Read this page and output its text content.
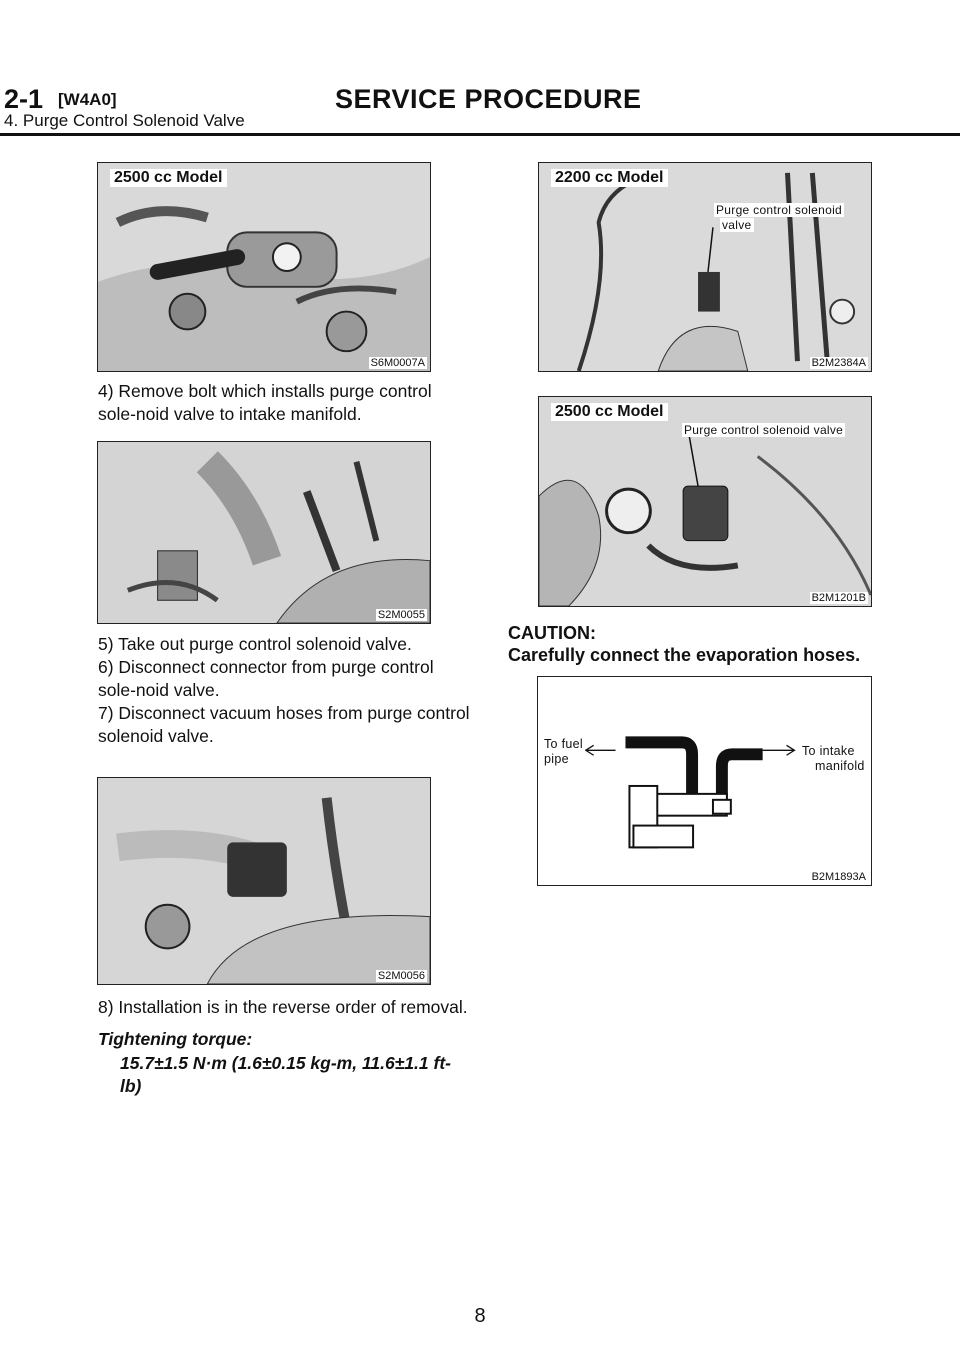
2-1 [W4A0]	SERVICE PROCEDURE
4. Purge Control Solenoid Valve
2500 cc Model
S6M0007A
4) Remove bolt which installs purge control sole-noid valve to intake manifold.
S2M0055
5) Take out purge control solenoid valve.
6) Disconnect connector from purge control sole-noid valve.
7) Disconnect vacuum hoses from purge control solenoid valve.
S2M0056
8) Installation is in the reverse order of removal.
Tightening torque:
15.7±1.5 N·m (1.6±0.15 kg-m, 11.6±1.1 ft-lb)
2200 cc Model
Purge control solenoid
valve
B2M2384A
2500 cc Model
Purge control solenoid valve
B2M1201B
CAUTION:
Carefully connect the evaporation hoses.
To fuel
pipe
To intake
manifold
B2M1893A
8
